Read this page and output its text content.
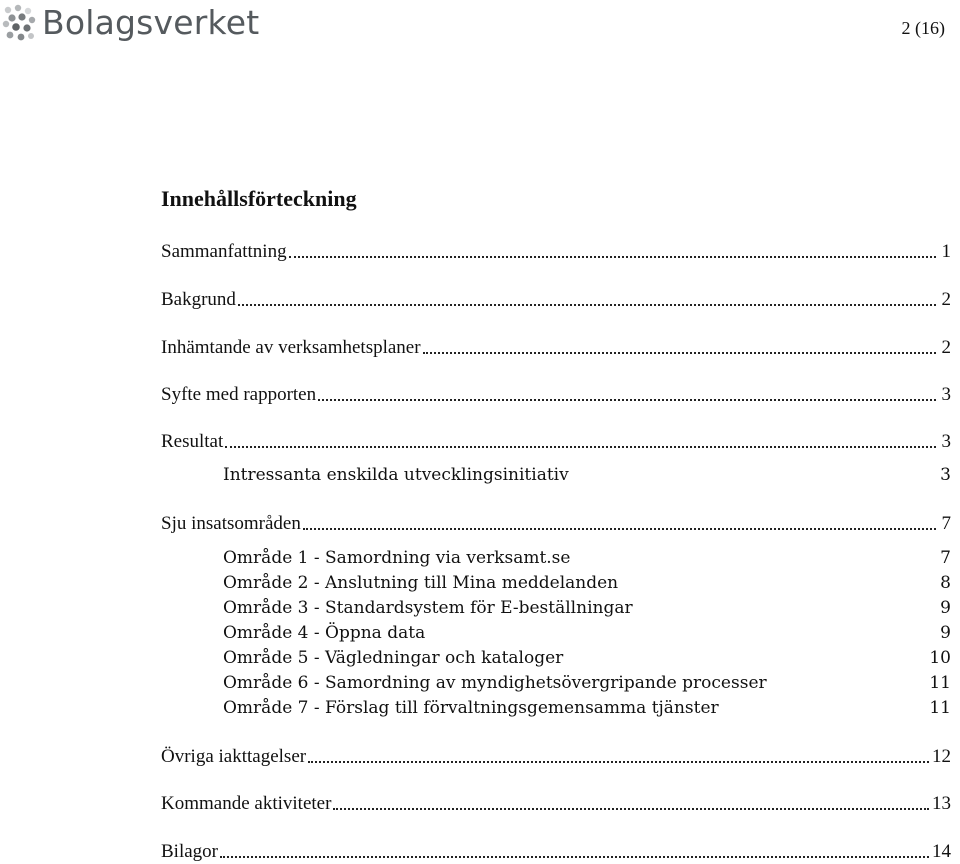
Bolagsverket	2 (16)
Innehållsförteckning
Sammanfattning	1
Bakgrund	2
Inhämtande av verksamhetsplaner	2
Syfte med rapporten	3
Resultat	3
Intressanta enskilda utvecklingsinitiativ	3
Sju insatsområden	7
Område 1 - Samordning via verksamt.se	7
Område 2 - Anslutning till Mina meddelanden	8
Område 3 - Standardsystem för E-beställningar	9
Område 4 - Öppna data	9
Område 5 - Vägledningar och kataloger	10
Område 6 - Samordning av myndighetsövergripande processer	11
Område 7 - Förslag till förvaltningsgemensamma tjänster	11
Övriga iakttagelser	12
Kommande aktiviteter	13
Bilagor	14
